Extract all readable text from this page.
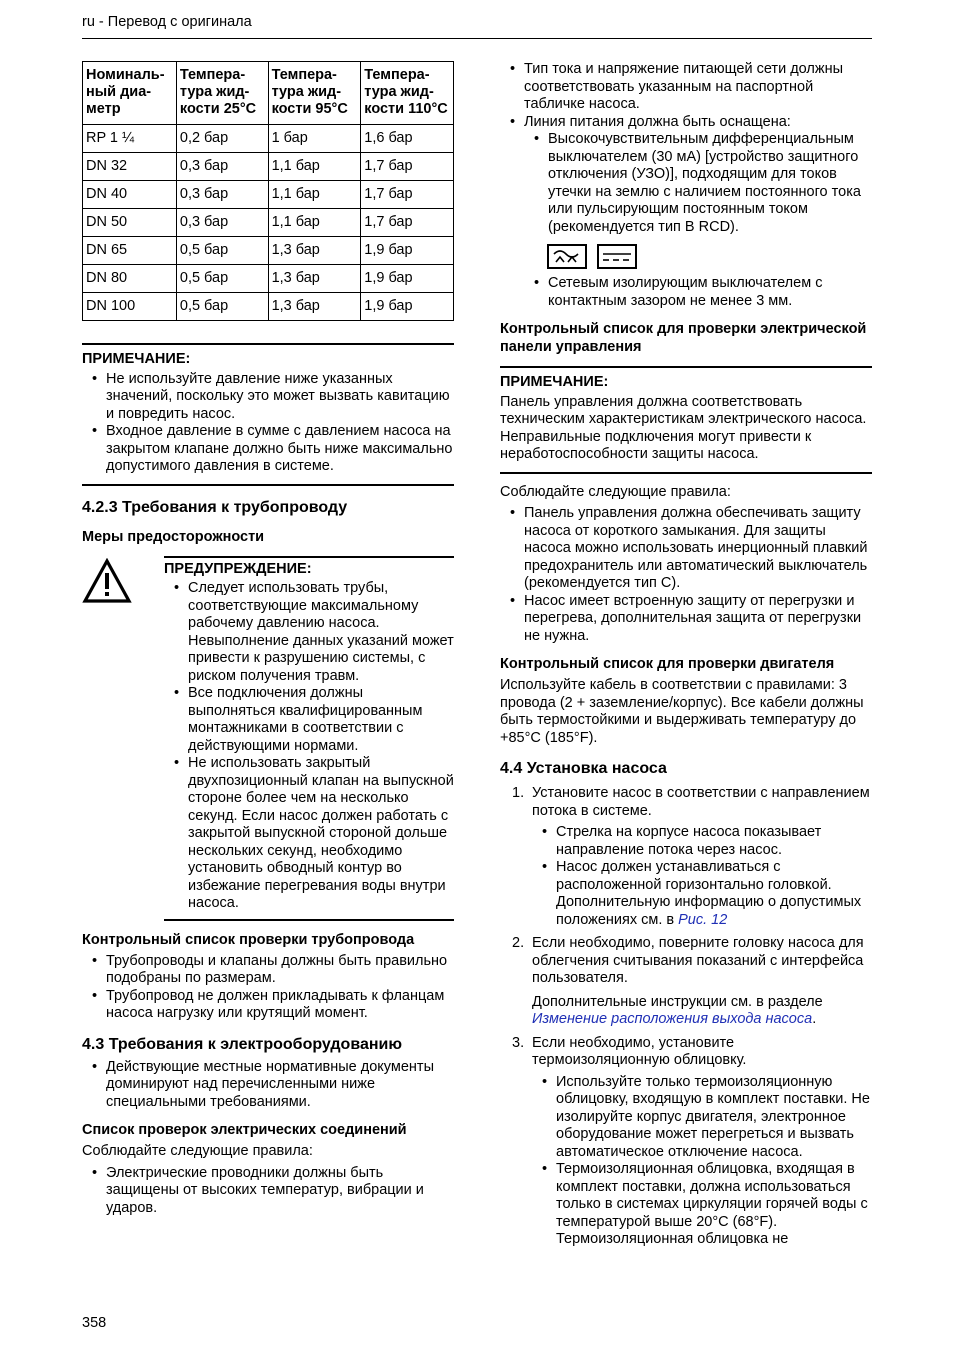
ru - Перевод с оригинала
Номиналь-ный диа-метр	Темпера-тура жид-кости 25°C	Темпера-тура жид-кости 95°C	Темпера-тура жид-кости 110°C
RP 1 ¼	0,2 бар	1 бар	1,6 бар
DN 32	0,3 бар	1,1 бар	1,7 бар
DN 40	0,3 бар	1,1 бар	1,7 бар
DN 50	0,3 бар	1,1 бар	1,7 бар
DN 65	0,5 бар	1,3 бар	1,9 бар
DN 80	0,5 бар	1,3 бар	1,9 бар
DN 100	0,5 бар	1,3 бар	1,9 бар
ПРИМЕЧАНИЕ:
• Не используйте давление ниже указанных значений, поскольку это может вызвать кавитацию и повредить насос.
• Входное давление в сумме с давлением насоса на закрытом клапане должно быть ниже максимально допустимого давления в системе.
4.2.3 Требования к трубопроводу
Меры предосторожности
ПРЕДУПРЕЖДЕНИЕ:
• Следует использовать трубы, соответствующие максимальному рабочему давлению насоса. Невыполнение данных указаний может привести к разрушению системы, с риском получения травм.
• Все подключения должны выполняться квалифицированным монтажниками в соответствии с действующими нормами.
• Не использовать закрытый двухпозиционный клапан на выпускной стороне более чем на несколько секунд. Если насос должен работать с закрытой выпускной стороной дольше нескольких секунд, необходимо установить обводный контур во избежание перегревания воды внутри насоса.
Контрольный список проверки трубопровода
• Трубопроводы и клапаны должны быть правильно подобраны по размерам.
• Трубопровод не должен прикладывать к фланцам насоса нагрузку или крутящий момент.
4.3 Требования к электрооборудованию
• Действующие местные нормативные документы доминируют над перечисленными ниже специальными требованиями.
Список проверок электрических соединений
Соблюдайте следующие правила:
• Электрические проводники должны быть защищены от высоких температур, вибрации и ударов.
• Тип тока и напряжение питающей сети должны соответствовать указанным на паспортной табличке насоса.
• Линия питания должна быть оснащена:
• Высокочувствительным дифференциальным выключателем (30 мА) [устройство защитного отключения (УЗО)], подходящим для токов утечки на землю с наличием постоянного тока или пульсирующим постоянным током (рекомендуется тип B RCD).
• Сетевым изолирующим выключателем с контактным зазором не менее 3 мм.
Контрольный список для проверки электрической панели управления
ПРИМЕЧАНИЕ:
Панель управления должна соответствовать техническим характеристикам электрического насоса. Неправильные подключения могут привести к неработоспособности защиты насоса.
Соблюдайте следующие правила:
• Панель управления должна обеспечивать защиту насоса от короткого замыкания. Для защиты насоса можно использовать инерционный плавкий предохранитель или автоматический выключатель (рекомендуется тип C).
• Насос имеет встроенную защиту от перегрузки и перегрева, дополнительная защита от перегрузки не нужна.
Контрольный список для проверки двигателя
Используйте кабель в соответствии с правилами: 3 провода (2 + заземление/корпус). Все кабели должны быть термостойкими и выдерживать температуру до +85°C (185°F).
4.4 Установка насоса
1. Установите насос в соответствии с направлением потока в системе.
• Стрелка на корпусе насоса показывает направление потока через насос.
• Насос должен устанавливаться с расположенной горизонтально головкой. Дополнительную информацию о допустимых положениях см. в Рис. 12
2. Если необходимо, поверните головку насоса для облегчения считывания показаний с интерфейса пользователя.
Дополнительные инструкции см. в разделе Изменение расположения выхода насоса.
3. Если необходимо, установите термоизоляционную облицовку.
• Используйте только термоизоляционную облицовку, входящую в комплект поставки. Не изолируйте корпус двигателя, электронное оборудование может перегреться и вызвать автоматическое отключение насоса.
• Термоизоляционная облицовка, входящая в комплект поставки, должна использоваться только в системах циркуляции горячей воды с температурой выше 20°C (68°F). Термоизоляционная облицовка не
358
